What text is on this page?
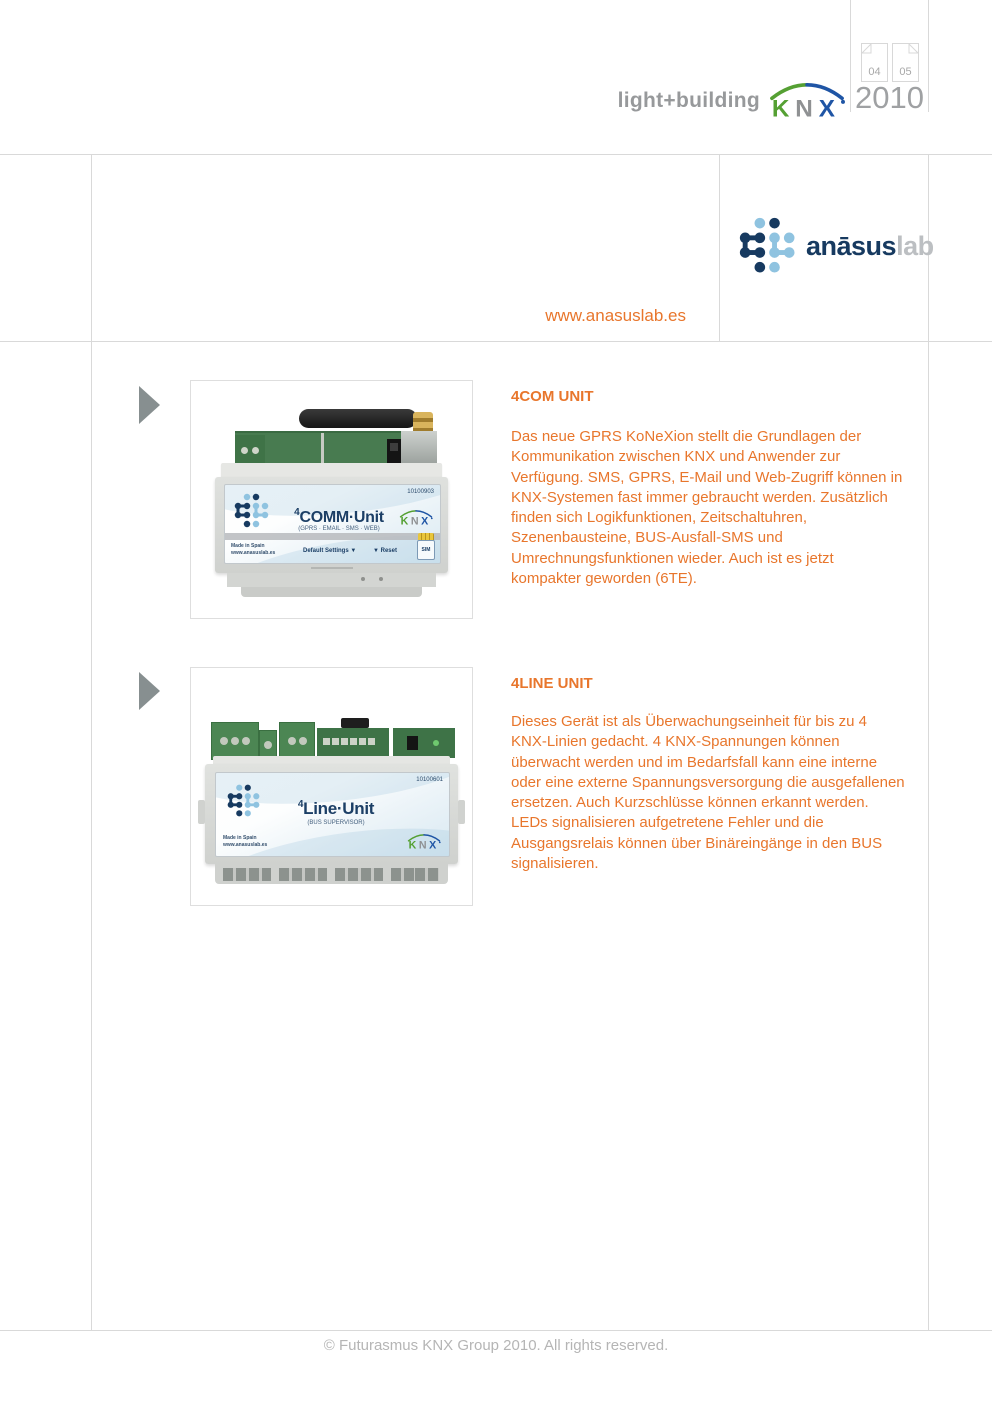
light+building K N X
04	05
2010
anāsuslab
www.anasuslab.es
10100903
$^4$COMM·Unit
(GPRS · EMAIL · SMS · WEB)
K N X
Made in Spain
www.anasuslab.es	Default Settings ▼	▼ Reset	SIM
4COM UNIT
Das neue GPRS KoNeXion stellt die Grundlagen der Kommunikation zwischen KNX und Anwender zur Verfügung. SMS, GPRS, E-Mail und Web-Zugriff können in KNX-Systemen fast immer gebraucht werden. Zusätzlich finden sich Logikfunktionen, Zeitschaltuhren, Szenenbausteine, BUS-Ausfall-SMS und Umrechnungsfunktionen wieder. Auch ist es jetzt kompakter geworden (6TE).
10100601
$^4$Line·Unit
(BUS SUPERVISOR)
Made in Spain
www.anasuslab.es	K N X
4LINE UNIT
Dieses Gerät ist als Überwachungseinheit für bis zu 4 KNX-Linien gedacht. 4 KNX-Spannungen können überwacht werden und im Bedarfsfall kann eine interne oder eine externe Spannungsversorgung die ausgefallenen ersetzen. Auch Kurzschlüsse können erkannt werden. LEDs signalisieren aufgetretene Fehler und die Ausgangsrelais können über Binäreingänge in den BUS signalisieren.
© Futurasmus KNX Group 2010. All rights reserved.
